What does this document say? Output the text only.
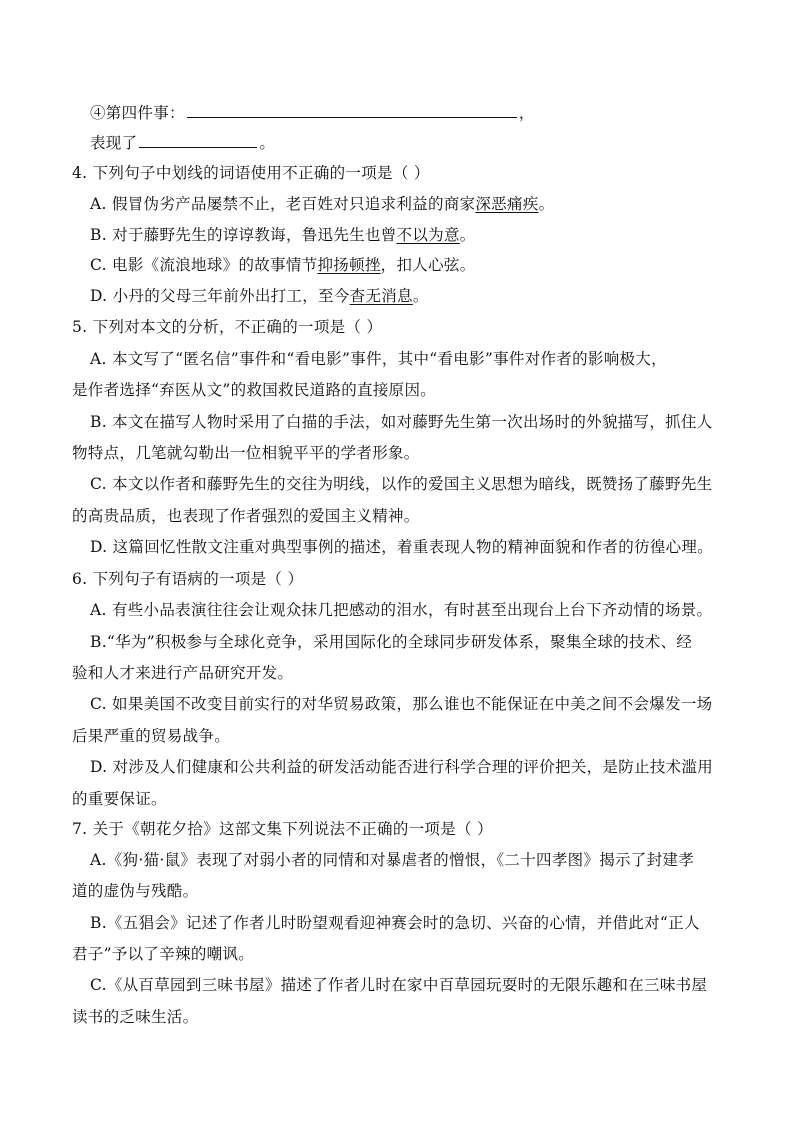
④第四件事：	，
表现了	。
4. 下列句子中划线的词语使用不正确的一项是（ ）
A. 假冒伪劣产品屡禁不止，老百姓对只追求利益的商家深恶痛疾。
B. 对于藤野先生的谆谆教诲，鲁迅先生也曾不以为意。
C. 电影《流浪地球》的故事情节抑扬顿挫，扣人心弦。
D. 小丹的父母三年前外出打工，至今杳无消息。
5. 下列对本文的分析，不正确的一项是（ ）
A. 本文写了“匿名信”事件和“看电影”事件，其中“看电影”事件对作者的影响极大，
是作者选择“弃医从文”的救国救民道路的直接原因。
B. 本文在描写人物时采用了白描的手法，如对藤野先生第一次出场时的外貌描写，抓住人
物特点，几笔就勾勒出一位相貌平平的学者形象。
C. 本文以作者和藤野先生的交往为明线，以作的爱国主义思想为暗线，既赞扬了藤野先生
的高贵品质，也表现了作者强烈的爱国主义精神。
D. 这篇回忆性散文注重对典型事例的描述，着重表现人物的精神面貌和作者的彷徨心理。
6. 下列句子有语病的一项是（ ）
A. 有些小品表演往往会让观众抹几把感动的泪水，有时甚至出现台上台下齐动情的场景。
B.“华为”积极参与全球化竞争，采用国际化的全球同步研发体系，聚集全球的技术、经
验和人才来进行产品研究开发。
C. 如果美国不改变目前实行的对华贸易政策，那么谁也不能保证在中美之间不会爆发一场
后果严重的贸易战争。
D. 对涉及人们健康和公共利益的研发活动能否进行科学合理的评价把关，是防止技术滥用
的重要保证。
7. 关于《朝花夕拾》这部文集下列说法不正确的一项是（ ）
A.《狗·猫·鼠》表现了对弱小者的同情和对暴虐者的憎恨，《二十四孝图》揭示了封建孝
道的虚伪与残酷。
B.《五猖会》记述了作者儿时盼望观看迎神赛会时的急切、兴奋的心情，并借此对“正人
君子”予以了辛辣的嘲讽。
C.《从百草园到三味书屋》描述了作者儿时在家中百草园玩耍时的无限乐趣和在三味书屋
读书的乏味生活。
